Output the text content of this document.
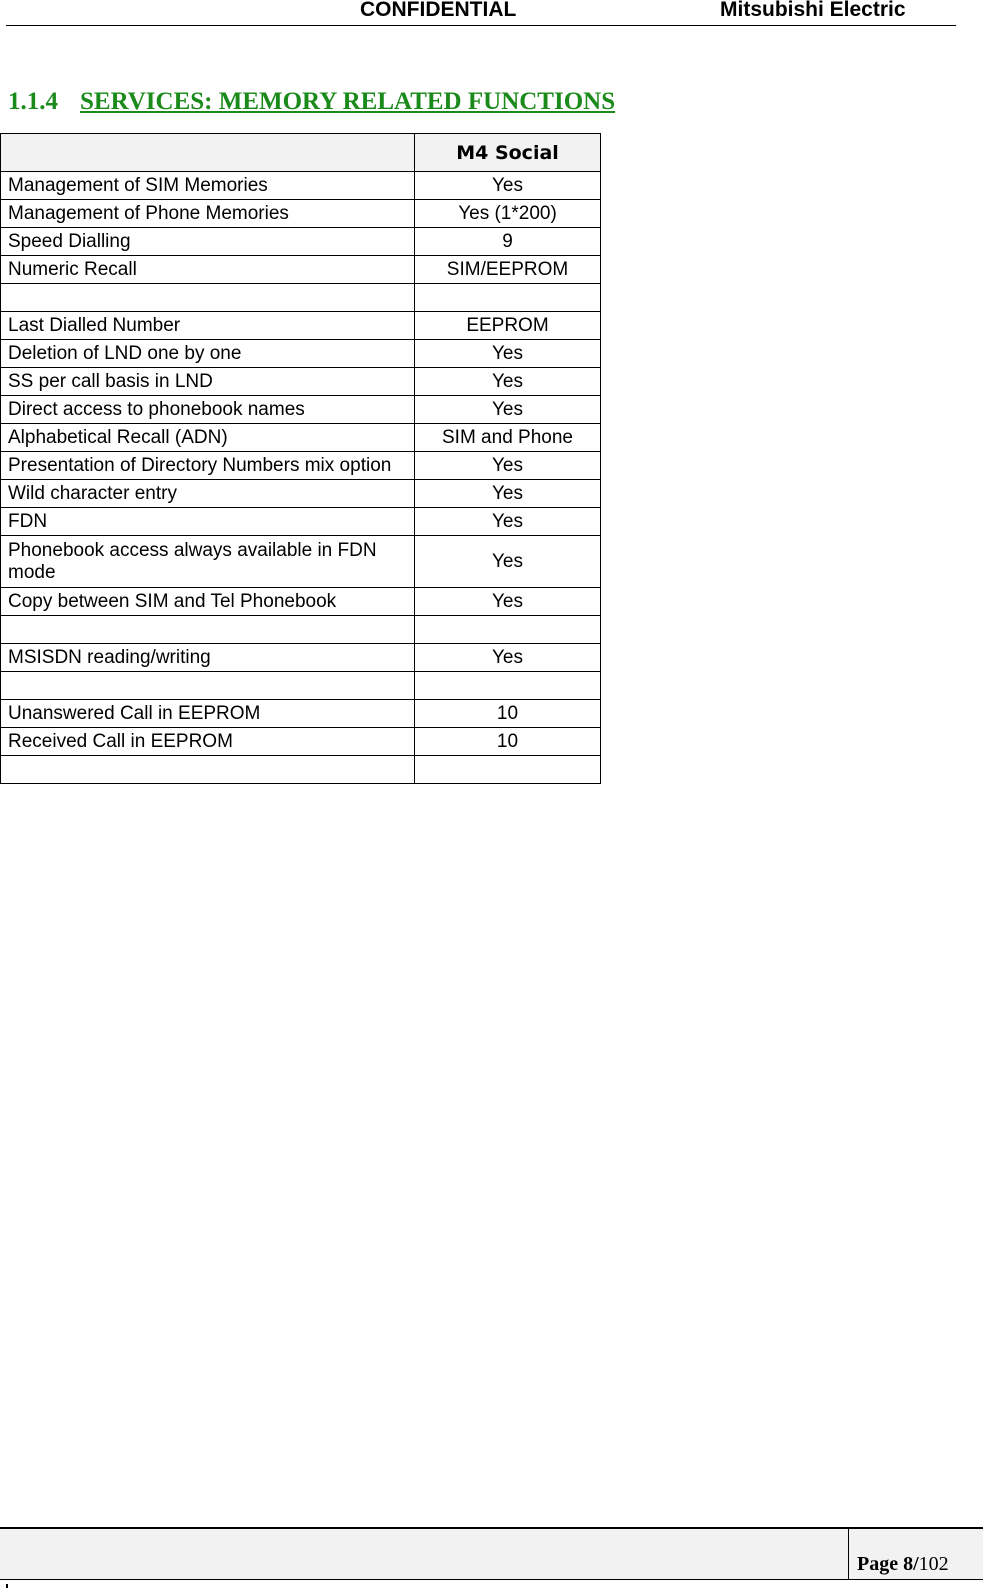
CONFIDENTIAL	Mitsubishi Electric
1.1.4 SERVICES: MEMORY RELATED FUNCTIONS
	M4 Social
Management of SIM Memories	Yes
Management of Phone Memories	Yes (1*200)
Speed Dialling	9
Numeric Recall	SIM/EEPROM

Last Dialled Number	EEPROM
Deletion of LND one by one	Yes
SS per call basis in LND	Yes
Direct access to phonebook names	Yes
Alphabetical Recall (ADN)	SIM and Phone
Presentation of Directory Numbers mix option	Yes
Wild character entry	Yes
FDN	Yes
Phonebook access always available in FDN mode	Yes
Copy between SIM and Tel Phonebook	Yes

MSISDN reading/writing	Yes

Unanswered Call in EEPROM	10
Received Call in EEPROM	10

Page 8/102
